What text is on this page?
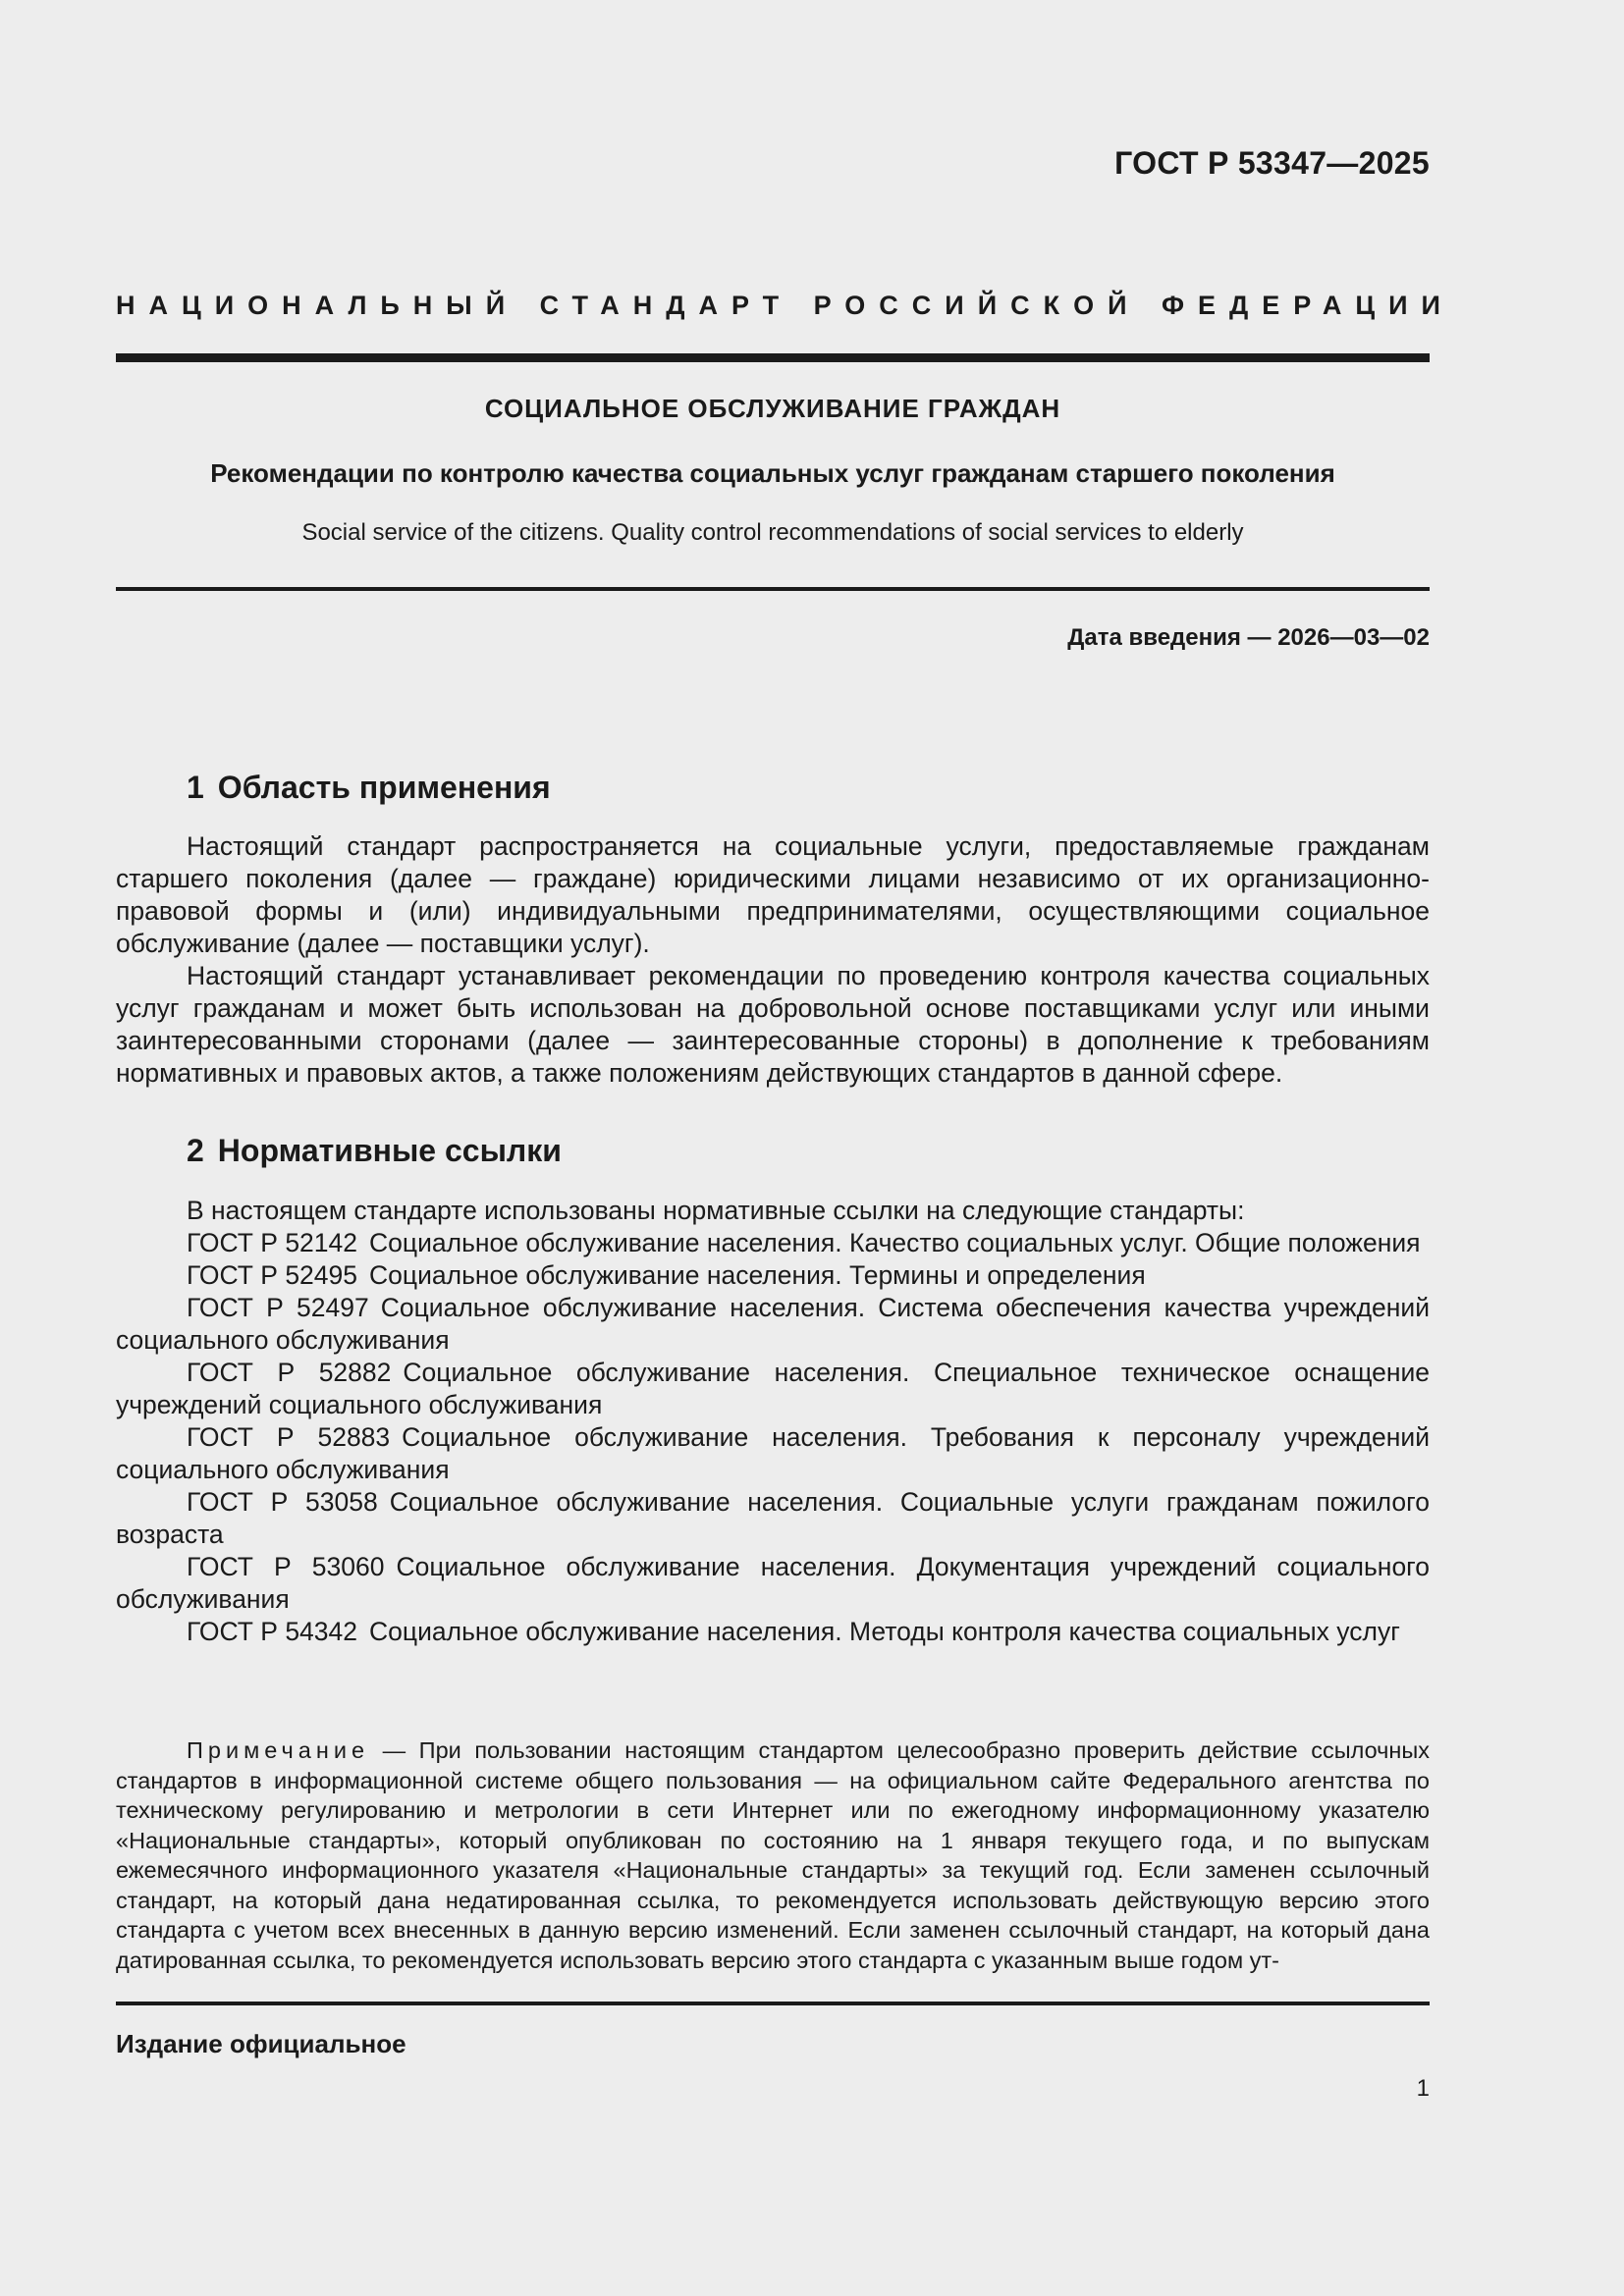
ГОСТ Р 53347—2025
НАЦИОНАЛЬНЫЙ СТАНДАРТ РОССИЙСКОЙ ФЕДЕРАЦИИ
СОЦИАЛЬНОЕ ОБСЛУЖИВАНИЕ ГРАЖДАН
Рекомендации по контролю качества социальных услуг гражданам старшего поколения
Social service of the citizens. Quality control recommendations of social services to elderly
Дата введения — 2026—03—02
1 Область применения

Настоящий стандарт распространяется на социальные услуги, предоставляемые гражданам старшего поколения (далее — граждане) юридическими лицами независимо от их организационно-правовой формы и (или) индивидуальными предпринимателями, осуществляющими социальное обслуживание (далее — поставщики услуг).

Настоящий стандарт устанавливает рекомендации по проведению контроля качества социальных услуг гражданам и может быть использован на добровольной основе поставщиками услуг или иными заинтересованными сторонами (далее — заинтересованные стороны) в дополнение к требованиям нормативных и правовых актов, а также положениям действующих стандартов в данной сфере.

2 Нормативные ссылки

В настоящем стандарте использованы нормативные ссылки на следующие стандарты:

ГОСТ Р 52142 Социальное обслуживание населения. Качество социальных услуг. Общие положения

ГОСТ Р 52495 Социальное обслуживание населения. Термины и определения

ГОСТ Р 52497 Социальное обслуживание населения. Система обеспечения качества учреждений социального обслуживания

ГОСТ Р 52882 Социальное обслуживание населения. Специальное техническое оснащение учреждений социального обслуживания

ГОСТ Р 52883 Социальное обслуживание населения. Требования к персоналу учреждений социального обслуживания

ГОСТ Р 53058 Социальное обслуживание населения. Социальные услуги гражданам пожилого возраста

ГОСТ Р 53060 Социальное обслуживание населения. Документация учреждений социального обслуживания

ГОСТ Р 54342 Социальное обслуживание населения. Методы контроля качества социальных услуг

Примечание — При пользовании настоящим стандартом целесообразно проверить действие ссылочных стандартов в информационной системе общего пользования — на официальном сайте Федерального агентства по техническому регулированию и метрологии в сети Интернет или по ежегодному информационному указателю «Национальные стандарты», который опубликован по состоянию на 1 января текущего года, и по выпускам ежемесячного информационного указателя «Национальные стандарты» за текущий год. Если заменен ссылочный стандарт, на который дана недатированная ссылка, то рекомендуется использовать действующую версию этого стандарта с учетом всех внесенных в данную версию изменений. Если заменен ссылочный стандарт, на который дана датированная ссылка, то рекомендуется использовать версию этого стандарта с указанным выше годом ут-

Издание официальное
1
